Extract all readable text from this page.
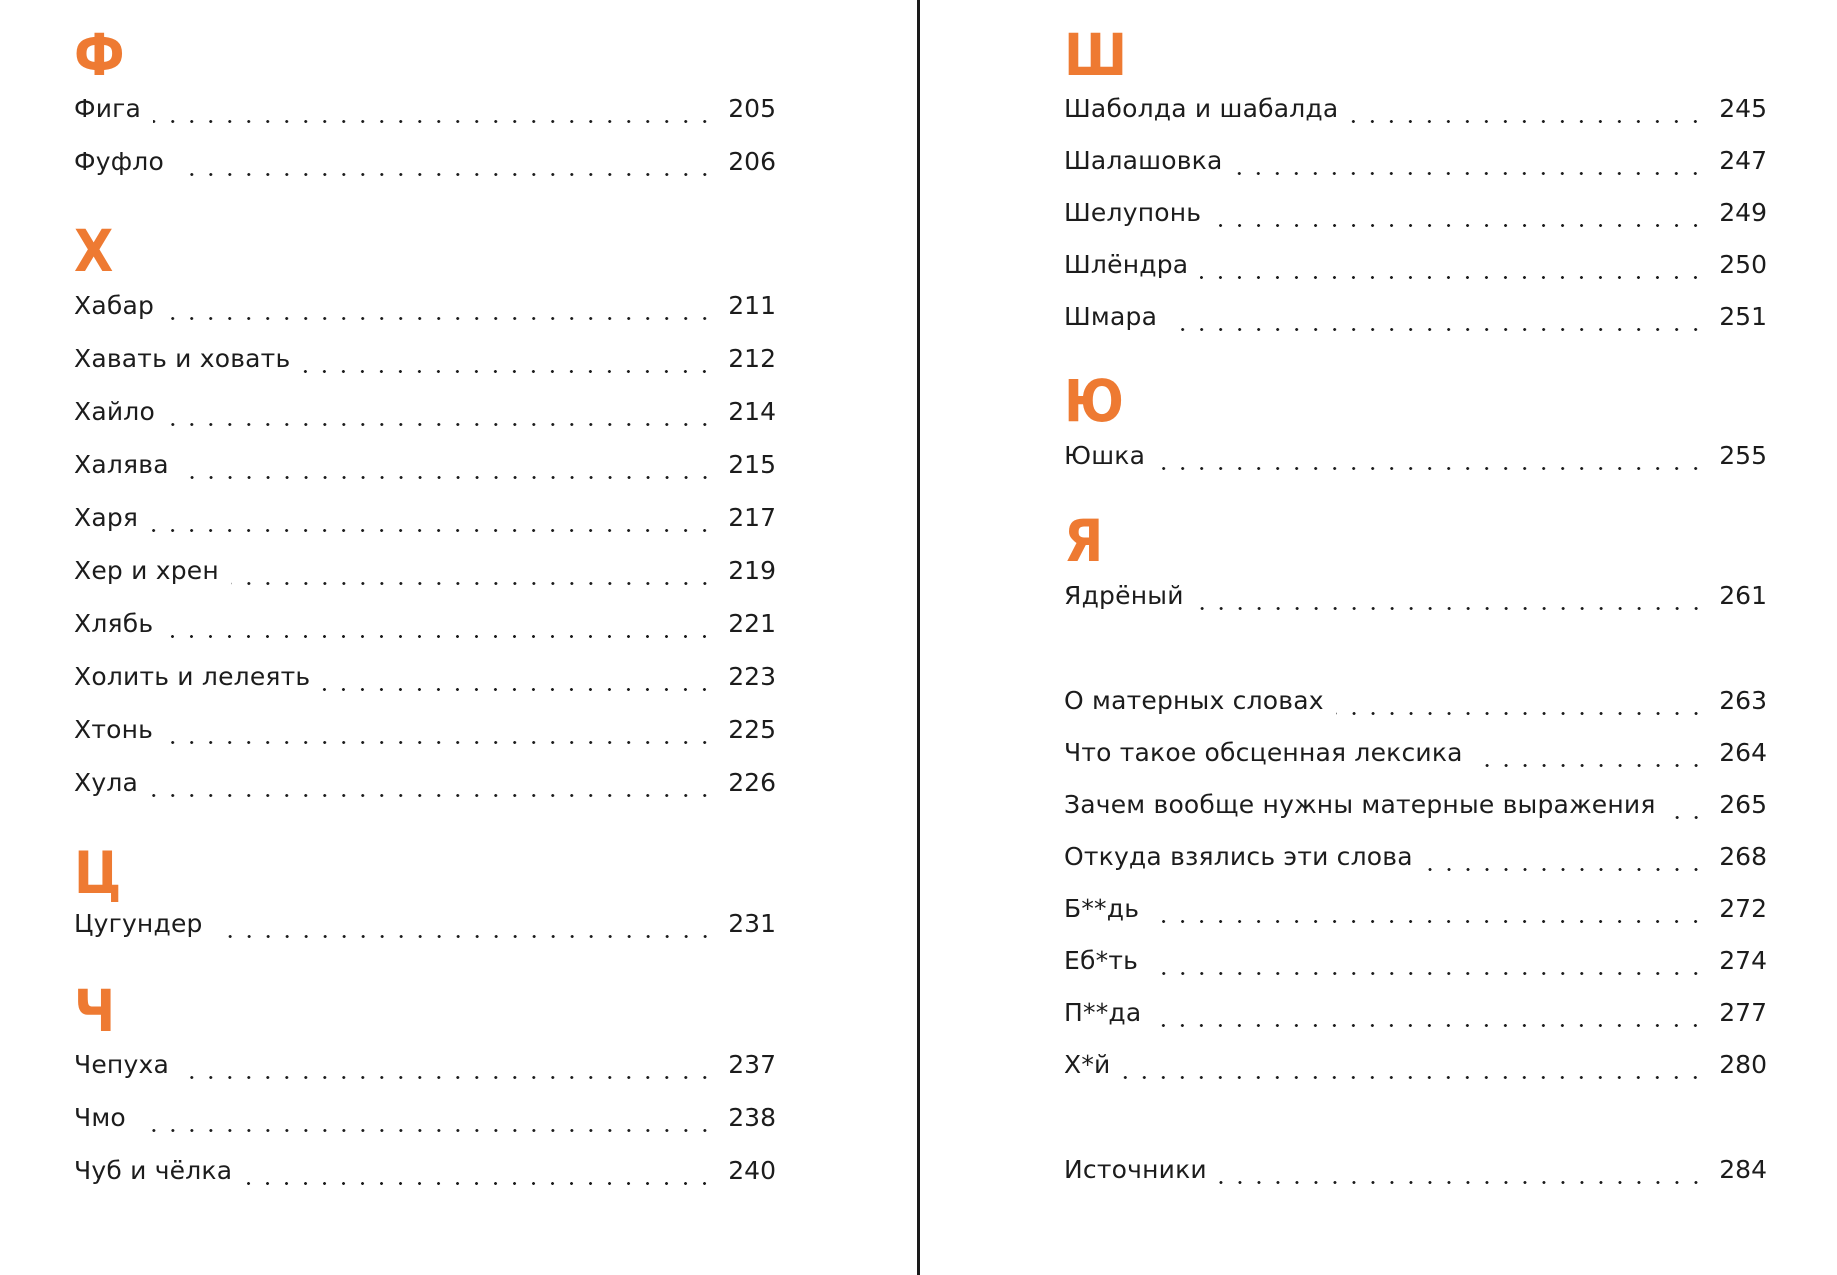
Ф
Фига	205
Фуфло	206
Х
Хабар	211
Хавать и ховать	212
Хайло	214
Халява	215
Харя	217
Хер и хрен	219
Хлябь	221
Холить и лелеять	223
Хтонь	225
Хула	226
Ц
Цугундер	231
Ч
Чепуха	237
Чмо	238
Чуб и чёлка	240
Ш
Шаболда и шабалда	245
Шалашовка	247
Шелупонь	249
Шлёндра	250
Шмара	251
Ю
Юшка	255
Я
Ядрёный	261
О матерных словах	263
Что такое обсценная лексика	264
Зачем вообще нужны матерные выражения	265
Откуда взялись эти слова	268
Б**дь	272
Еб*ть	274
П**да	277
Х*й	280
Источники	284
